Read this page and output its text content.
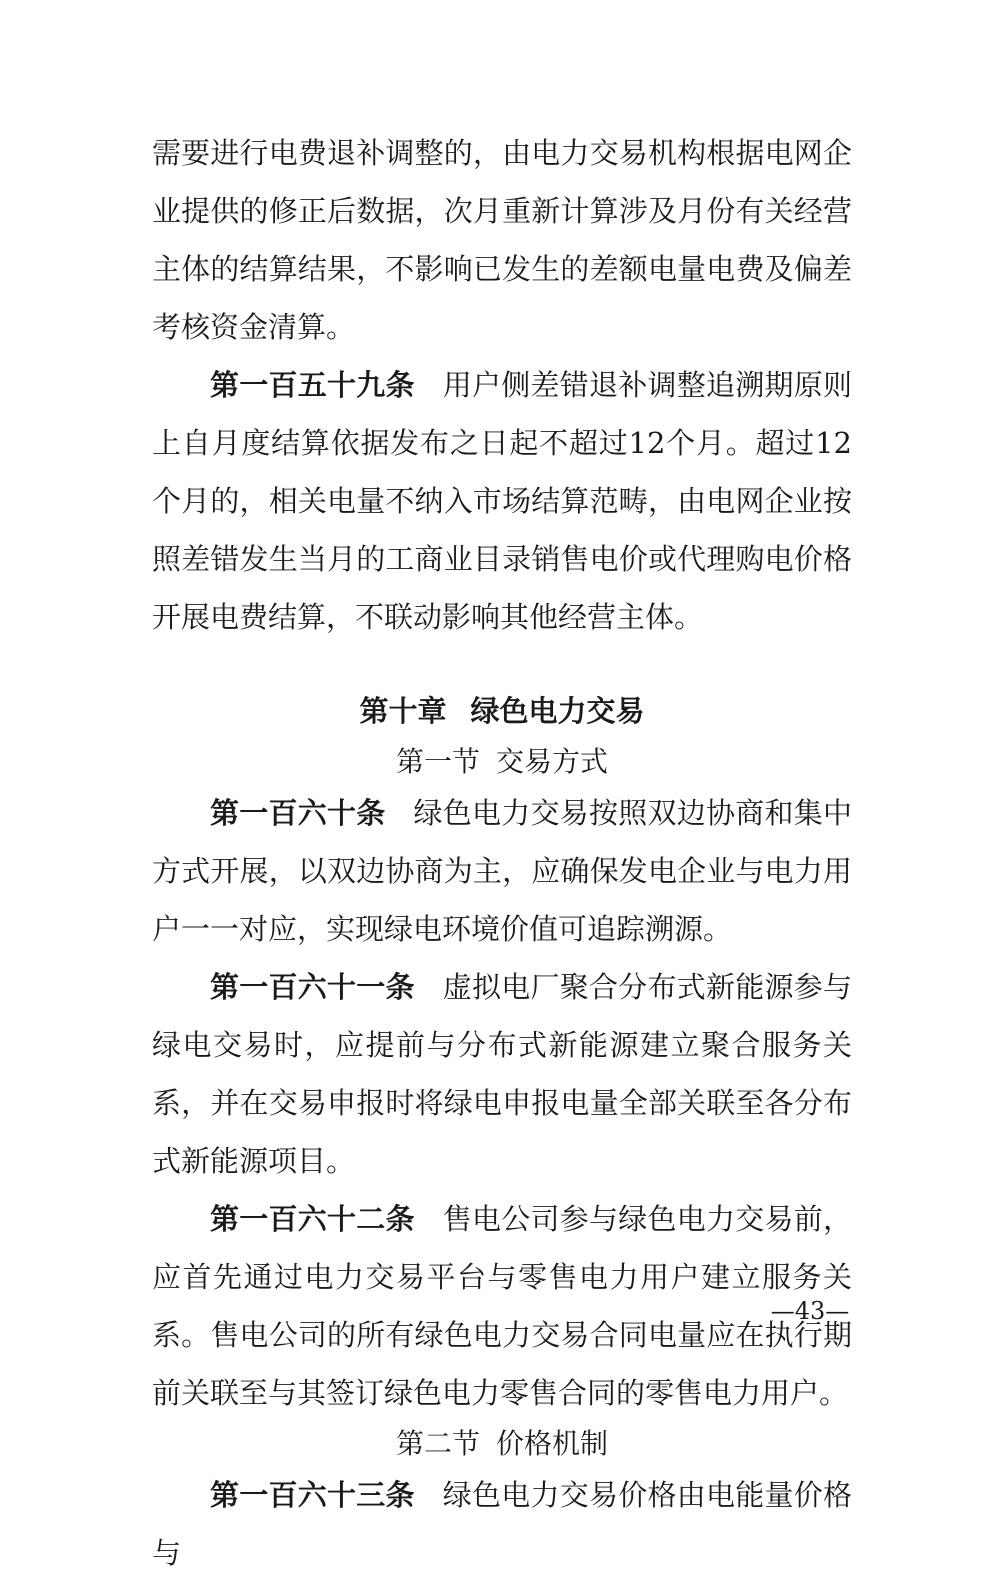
需要进行电费退补调整的，由电力交易机构根据电网企业提供的修正后数据，次月重新计算涉及月份有关经营主体的结算结果，不影响已发生的差额电量电费及偏差考核资金清算。

第一百五十九条 用户侧差错退补调整追溯期原则上自月度结算依据发布之日起不超过12个月。超过12个月的，相关电量不纳入市场结算范畴，由电网企业按照差错发生当月的工商业目录销售电价或代理购电价格开展电费结算，不联动影响其他经营主体。

第十章 绿色电力交易
第一节 交易方式

第一百六十条 绿色电力交易按照双边协商和集中方式开展，以双边协商为主，应确保发电企业与电力用户一一对应，实现绿电环境价值可追踪溯源。

第一百六十一条 虚拟电厂聚合分布式新能源参与绿电交易时，应提前与分布式新能源建立聚合服务关系，并在交易申报时将绿电申报电量全部关联至各分布式新能源项目。

第一百六十二条 售电公司参与绿色电力交易前，应首先通过电力交易平台与零售电力用户建立服务关系。售电公司的所有绿色电力交易合同电量应在执行期前关联至与其签订绿色电力零售合同的零售电力用户。

第二节 价格机制

第一百六十三条 绿色电力交易价格由电能量价格与

—43—
